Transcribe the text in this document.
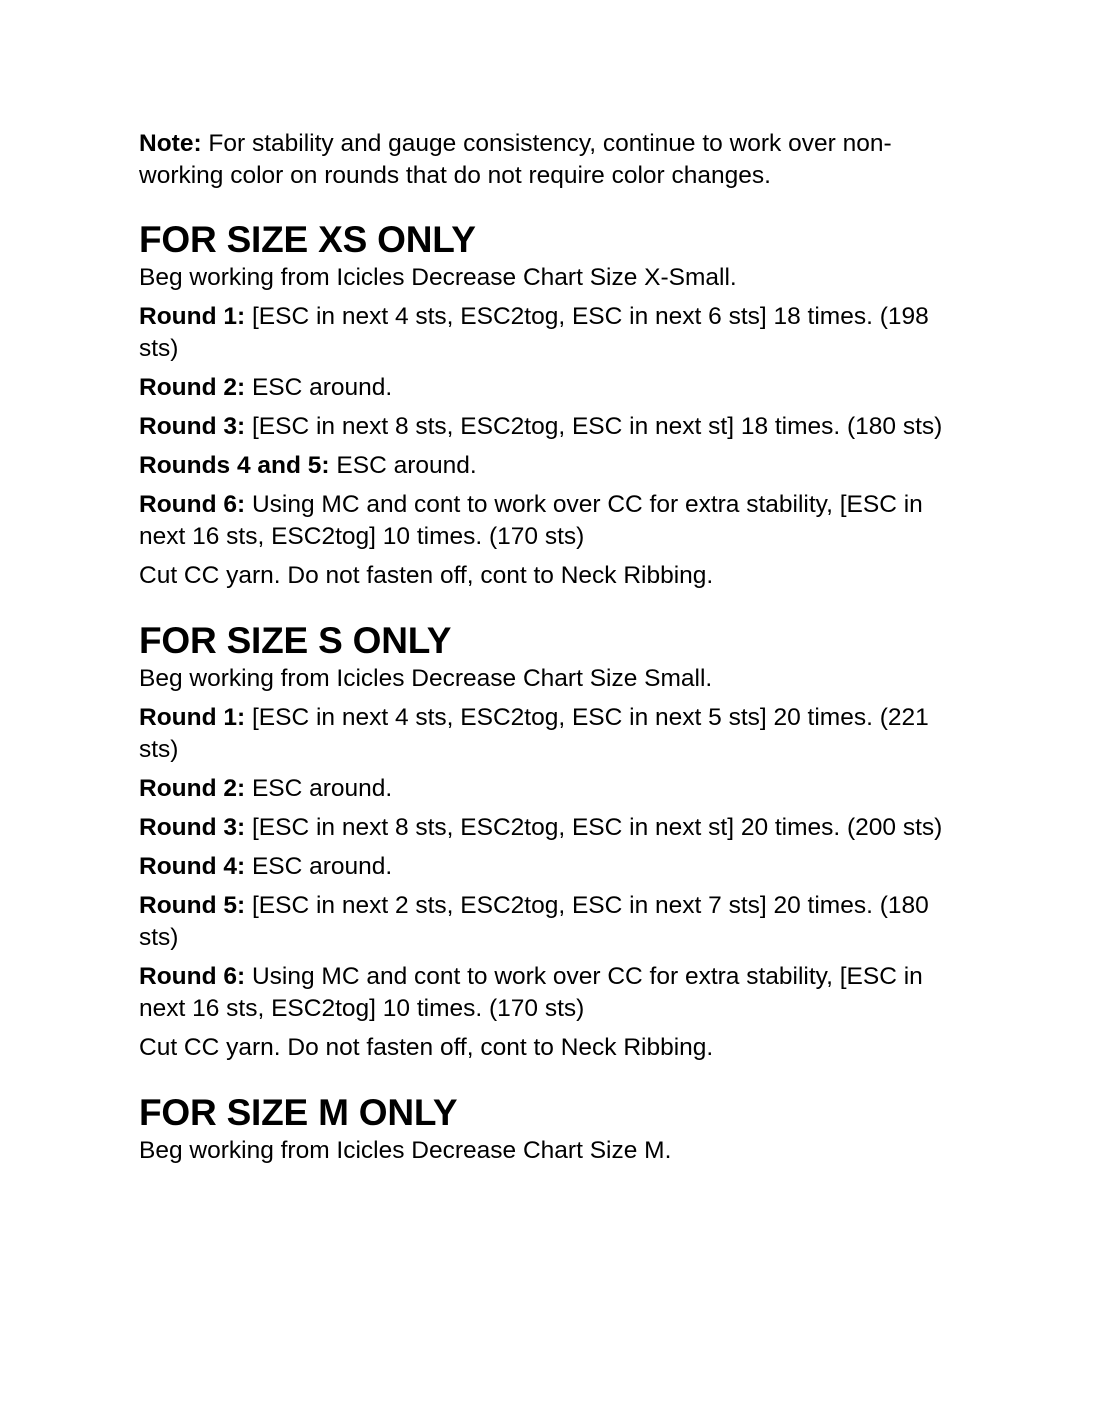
Note: For stability and gauge consistency, continue to work over non-working color on rounds that do not require color changes.

FOR SIZE XS ONLY

Beg working from Icicles Decrease Chart Size X-Small.

Round 1: [ESC in next 4 sts, ESC2tog, ESC in next 6 sts] 18 times. (198 sts)

Round 2: ESC around.

Round 3: [ESC in next 8 sts, ESC2tog, ESC in next st] 18 times. (180 sts)

Rounds 4 and 5: ESC around.

Round 6: Using MC and cont to work over CC for extra stability, [ESC in next 16 sts, ESC2tog] 10 times. (170 sts)

Cut CC yarn. Do not fasten off, cont to Neck Ribbing.

FOR SIZE S ONLY

Beg working from Icicles Decrease Chart Size Small.

Round 1: [ESC in next 4 sts, ESC2tog, ESC in next 5 sts] 20 times. (221 sts)

Round 2: ESC around.

Round 3: [ESC in next 8 sts, ESC2tog, ESC in next st] 20 times. (200 sts)

Round 4: ESC around.

Round 5: [ESC in next 2 sts, ESC2tog, ESC in next 7 sts] 20 times. (180 sts)

Round 6: Using MC and cont to work over CC for extra stability, [ESC in next 16 sts, ESC2tog] 10 times. (170 sts)

Cut CC yarn. Do not fasten off, cont to Neck Ribbing.

FOR SIZE M ONLY

Beg working from Icicles Decrease Chart Size M.
